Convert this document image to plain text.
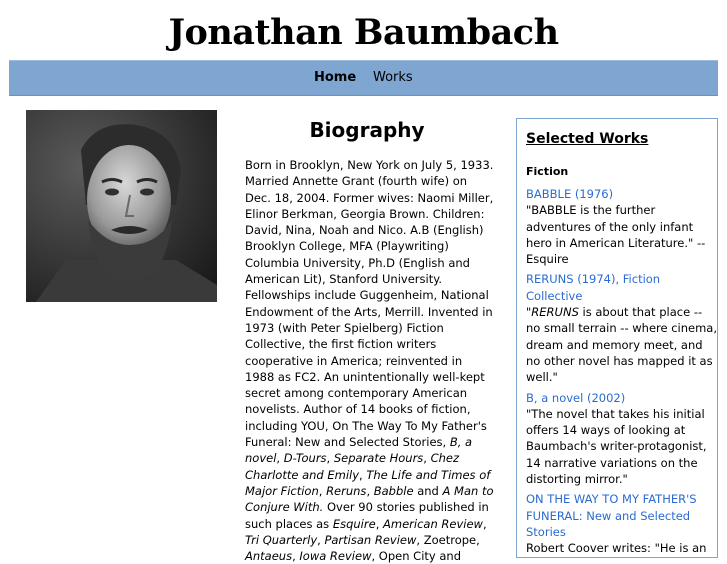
Jonathan Baumbach
Home Works
Biography

Born in Brooklyn, New York on July 5, 1933. Married Annette Grant (fourth wife) on Dec. 18, 2004. Former wives: Naomi Miller, Elinor Berkman, Georgia Brown. Children: David, Nina, Noah and Nico. A.B (English) Brooklyn College, MFA (Playwriting) Columbia University, Ph.D (English and American Lit), Stanford University. Fellowships include Guggenheim, National Endowment of the Arts, Merrill. Invented in 1973 (with Peter Spielberg) Fiction Collective, the first fiction writers cooperative in America; reinvented in 1988 as FC2. An unintentionally well-kept secret among contemporary American novelists. Author of 14 books of fiction, including YOU, On The Way To My Father's Funeral: New and Selected Stories, B, a novel, D-Tours, Separate Hours, Chez Charlotte and Emily, The Life and Times of Major Fiction, Reruns, Babble and A Man to Conjure With. Over 90 stories published in such places as Esquire, American Review, Tri Quarterly, Partisan Review, Zoetrope, Antaeus, Iowa Review, Open City and

Selected Works
Fiction
BABBLE (1976)
"BABBLE is the further adventures of the only infant hero in American Literature." --Esquire
RERUNS (1974), Fiction Collective
"RERUNS is about that place -- no small terrain -- where cinema, dream and memory meet, and no other novel has mapped it as well."
B, a novel (2002)
"The novel that takes his initial offers 14 ways of looking at Baumbach's writer-protagonist, 14 narrative variations on the distorting mirror."
ON THE WAY TO MY FATHER'S FUNERAL: New and Selected Stories
Robert Coover writes: "He is an
